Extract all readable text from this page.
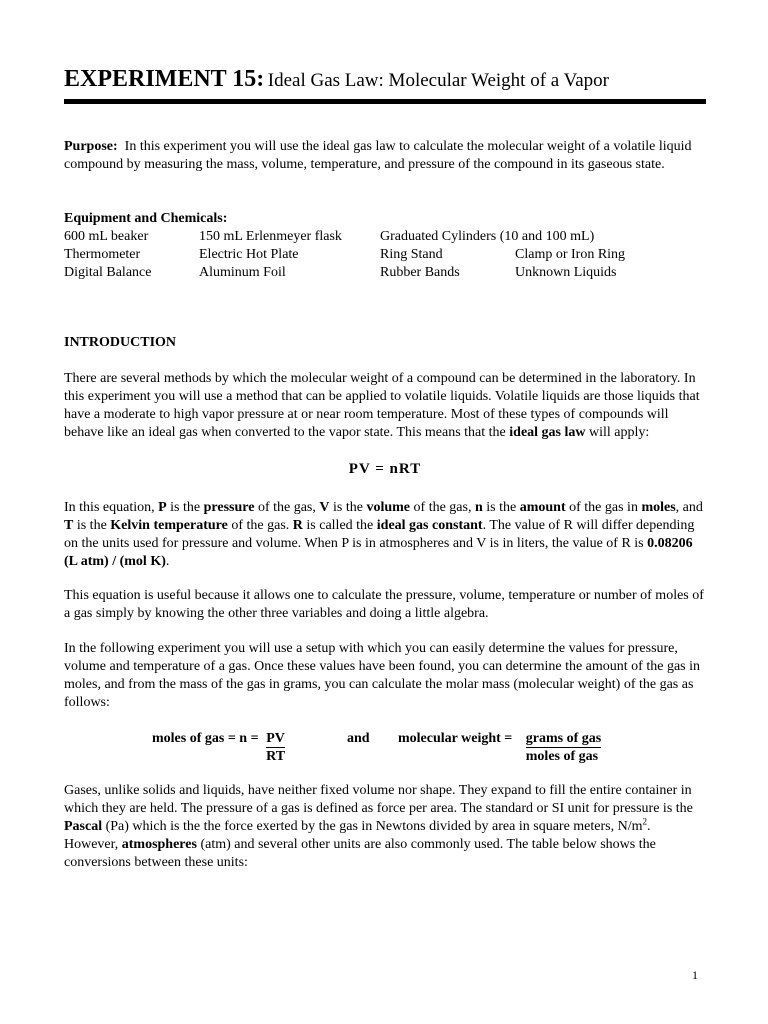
EXPERIMENT 15: Ideal Gas Law: Molecular Weight of a Vapor

Purpose: In this experiment you will use the ideal gas law to calculate the molecular weight of a volatile liquid compound by measuring the mass, volume, temperature, and pressure of the compound in its gaseous state.

Equipment and Chemicals:
600 mL beaker	150 mL Erlenmeyer flask	Graduated Cylinders (10 and 100 mL)
Thermometer	Electric Hot Plate	Ring Stand	Clamp or Iron Ring
Digital Balance	Aluminum Foil	Rubber Bands	Unknown Liquids
INTRODUCTION

There are several methods by which the molecular weight of a compound can be determined in the laboratory. In this experiment you will use a method that can be applied to volatile liquids. Volatile liquids are those liquids that have a moderate to high vapor pressure at or near room temperature. Most of these types of compounds will behave like an ideal gas when converted to the vapor state. This means that the ideal gas law will apply:

PV = nRT

In this equation, P is the pressure of the gas, V is the volume of the gas, n is the amount of the gas in moles, and T is the Kelvin temperature of the gas. R is called the ideal gas constant. The value of R will differ depending on the units used for pressure and volume. When P is in atmospheres and V is in liters, the value of R is 0.08206 (L atm) / (mol K).

This equation is useful because it allows one to calculate the pressure, volume, temperature or number of moles of a gas simply by knowing the other three variables and doing a little algebra.

In the following experiment you will use a setup with which you can easily determine the values for pressure, volume and temperature of a gas. Once these values have been found, you can determine the amount of the gas in moles, and from the mass of the gas in grams, you can calculate the molar mass (molecular weight) of the gas as follows:

moles of gas = $n = \frac{PV}{RT}$	and molecular weight = $\frac{\text{grams of gas}}{\text{moles of gas}}$

Gases, unlike solids and liquids, have neither fixed volume nor shape. They expand to fill the entire container in which they are held. The pressure of a gas is defined as force per area. The standard or SI unit for pressure is the Pascal (Pa) which is the the force exerted by the gas in Newtons divided by area in square meters, $N/m^2$. However, atmospheres (atm) and several other units are also commonly used. The table below shows the conversions between these units:

1
